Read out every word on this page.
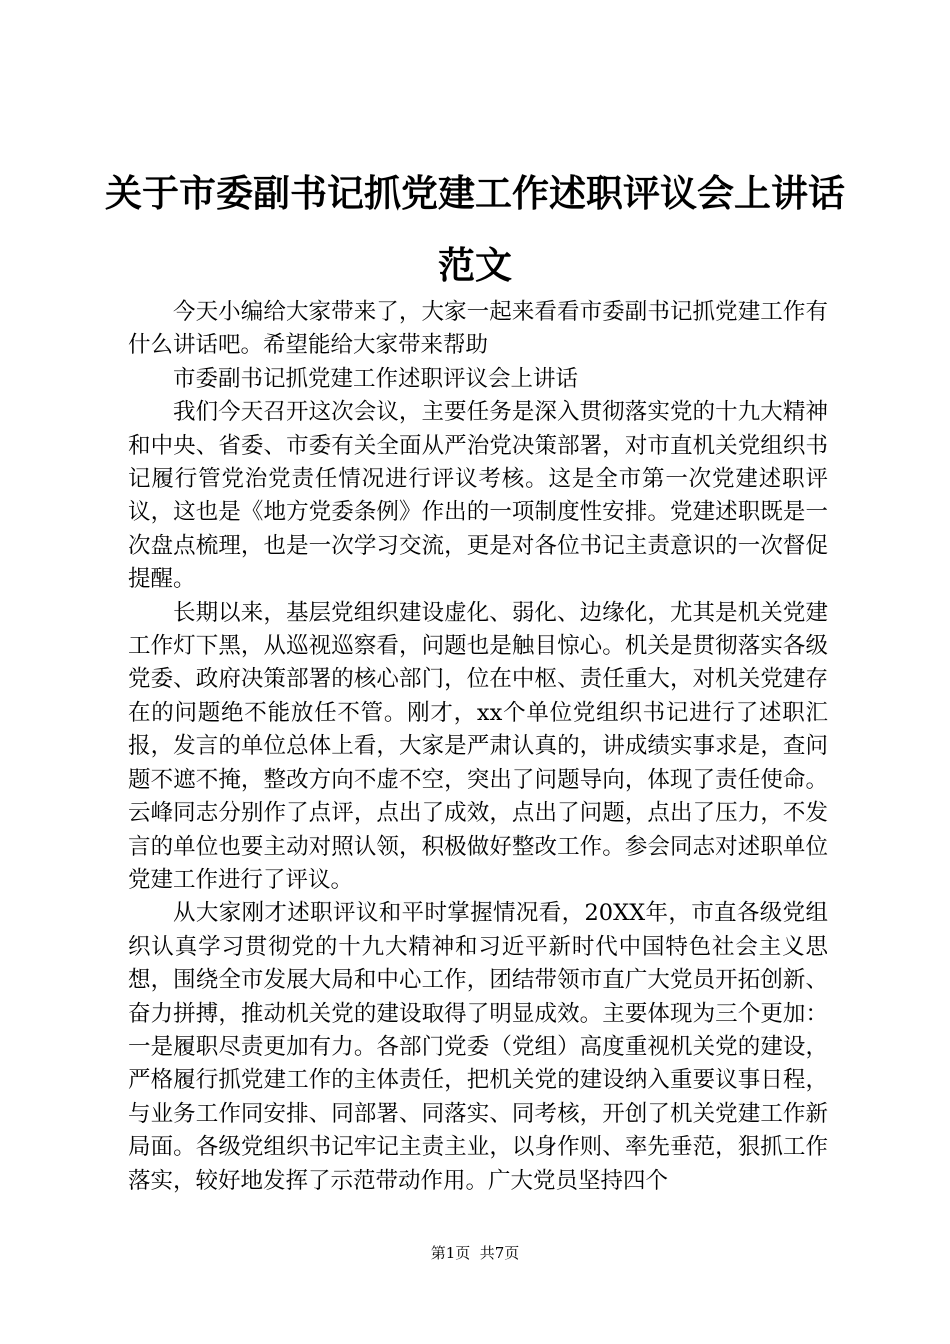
关于市委副书记抓党建工作述职评议会上讲话范文

今天小编给大家带来了，大家一起来看看市委副书记抓党建工作有什么讲话吧。希望能给大家带来帮助

市委副书记抓党建工作述职评议会上讲话

我们今天召开这次会议，主要任务是深入贯彻落实党的十九大精神和中央、省委、市委有关全面从严治党决策部署，对市直机关党组织书记履行管党治党责任情况进行评议考核。这是全市第一次党建述职评议，这也是《地方党委条例》作出的一项制度性安排。党建述职既是一次盘点梳理，也是一次学习交流，更是对各位书记主责意识的一次督促提醒。

长期以来，基层党组织建设虚化、弱化、边缘化，尤其是机关党建工作灯下黑，从巡视巡察看，问题也是触目惊心。机关是贯彻落实各级党委、政府决策部署的核心部门，位在中枢、责任重大，对机关党建存在的问题绝不能放任不管。刚才，xx个单位党组织书记进行了述职汇报，发言的单位总体上看，大家是严肃认真的，讲成绩实事求是，查问题不遮不掩，整改方向不虚不空，突出了问题导向，体现了责任使命。云峰同志分别作了点评，点出了成效，点出了问题，点出了压力，不发言的单位也要主动对照认领，积极做好整改工作。参会同志对述职单位党建工作进行了评议。

从大家刚才述职评议和平时掌握情况看，20XX年，市直各级党组织认真学习贯彻党的十九大精神和习近平新时代中国特色社会主义思想，围绕全市发展大局和中心工作，团结带领市直广大党员开拓创新、奋力拼搏，推动机关党的建设取得了明显成效。主要体现为三个更加：一是履职尽责更加有力。各部门党委（党组）高度重视机关党的建设，严格履行抓党建工作的主体责任，把机关党的建设纳入重要议事日程，与业务工作同安排、同部署、同落实、同考核，开创了机关党建工作新局面。各级党组织书记牢记主责主业，以身作则、率先垂范，狠抓工作落实，较好地发挥了示范带动作用。广大党员坚持四个

第1页  共7页
